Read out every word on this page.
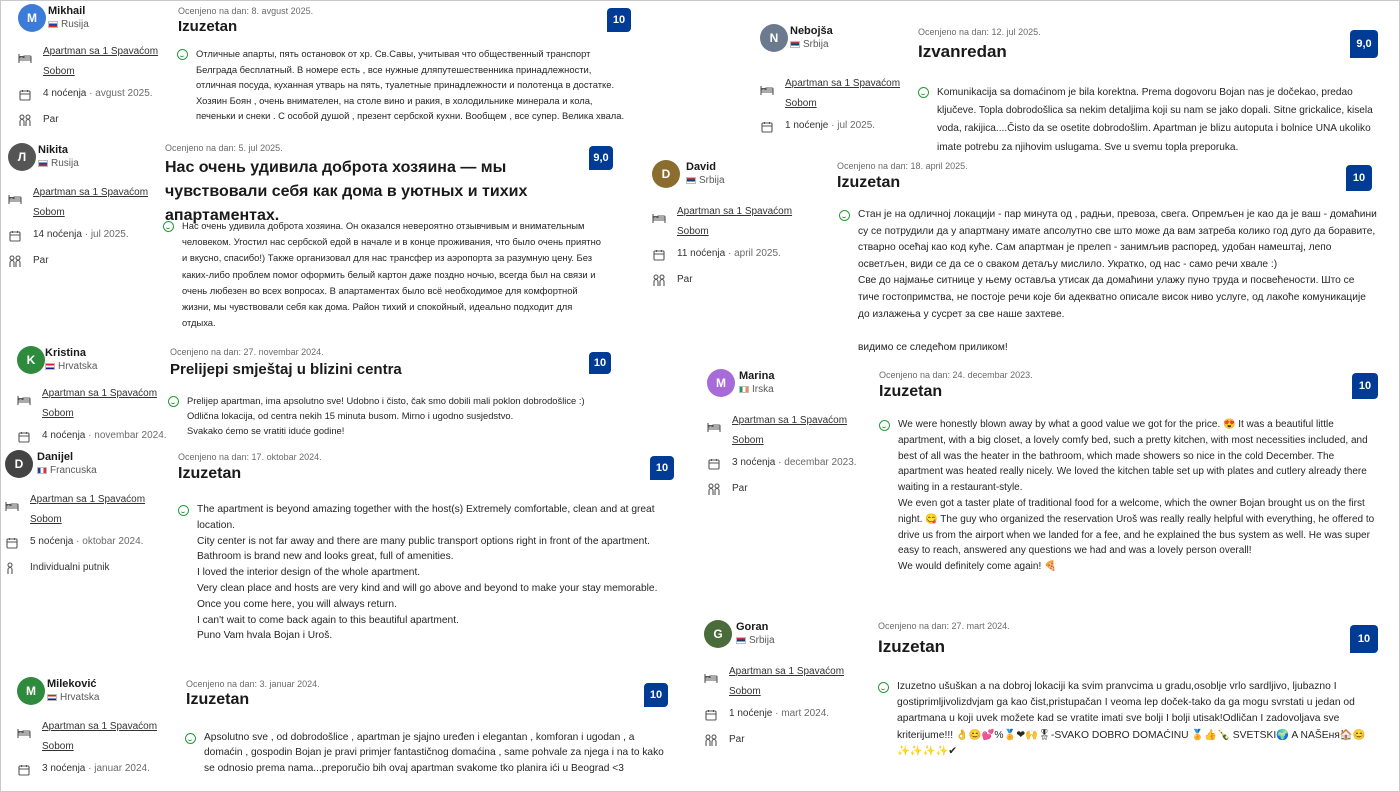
M	Mikhail
Rusija
Apartman sa 1 Spavaćom Sobom
4 noćenja · avgust 2025.
Par
Ocenjeno na dan: 8. avgust 2025.
Izuzetan	10
Отличные апарты, пять остановок от хр. Св.Савы, учитывая что общественный транспорт Белграда бесплатный. В номере есть , все нужные дляпутешественника принадлежности, отличная посуда, куханная утварь на пять, туалетные принадлежности и полотенца в достатке. Хозяин Боян , очень внимателен, на столе вино и ракия, в холодильнике минерала и кола, печеньки и снеки . С особой душой , презент сербской кухни. Вообщем , все супер. Велика хвала.
Л	Nikita
Rusija
Apartman sa 1 Spavaćom Sobom
14 noćenja · jul 2025.
Par
Ocenjeno na dan: 5. jul 2025.
Нас очень удивила доброта хозяина — мы чувствовали себя как дома в уютных и тихих апартаментах.
9,0
Нас очень удивила доброта хозяина. Он оказался невероятно отзывчивым и внимательным человеком. Угостил нас сербской едой в начале и в конце проживания, что было очень приятно и вкусно, спасибо!) Также организовал для нас трансфер из аэропорта за разумную цену. Без каких-либо проблем помог оформить белый картон даже поздно ночью, всегда был на связи и очень любезен во всех вопросах. В апартаментах было всё необходимое для комфортной жизни, мы чувствовали себя как дома. Район тихий и спокойный, идеально подходит для отдыха.
K Kristina
Hrvatska
Apartman sa 1 Spavaćom Sobom
4 noćenja · novembar 2024.
Ocenjeno na dan: 27. novembar 2024.
Prelijepi smještaj u blizini centra	10
Prelijep apartman, ima apsolutno sve! Udobno i čisto, čak smo dobili mali poklon dobrodošlice :)
Odlična lokacija, od centra nekih 15 minuta busom. Mirno i ugodno susjedstvo.
Svakako ćemo se vratiti iduće godine!
D	Danijel
Francuska
Apartman sa 1 Spavaćom Sobom
5 noćenja · oktobar 2024.
Individualni putnik
Ocenjeno na dan: 17. oktobar 2024.
Izuzetan	10
The apartment is beyond amazing together with the host(s) Extremely comfortable, clean and at great location.
City center is not far away and there are many public transport options right in front of the apartment.
Bathroom is brand new and looks great, full of amenities.
I loved the interior design of the whole apartment.
Very clean place and hosts are very kind and will go above and beyond to make your stay memorable.
Once you come here, you will always return.
I can't wait to come back again to this beautiful apartment.
Puno Vam hvala Bojan i Uroš.
M	Mileković
Hrvatska
Apartman sa 1 Spavaćom Sobom
3 noćenja · januar 2024.
Ocenjeno na dan: 3. januar 2024.
Izuzetan	10
Apsolutno sve , od dobrodošlice , apartman je sjajno uređen i elegantan , komforan i ugodan , a domaćin , gospodin Bojan je pravi primjer fantastičnog domaćina , same pohvale za njega i na to kako se odnosio prema nama...preporučio bih ovaj apartman svakome tko planira ići u Beograd <3
N	Nebojša
Srbija
Apartman sa 1 Spavaćom Sobom
1 noćenje · jul 2025.
Ocenjeno na dan: 12. jul 2025.
Izvanredan	9,0
Komunikacija sa domaćinom je bila korektna. Prema dogovoru Bojan nas je dočekao, predao ključeve. Topla dobrodošlica sa nekim detaljima koji su nam se jako dopali. Sitne grickalice, kisela voda, rakijica....Čisto da se osetite dobrodošlim. Apartman je blizu autoputa i bolnice UNA ukoliko imate potrebu za njihovim uslugama. Sve u svemu topla preporuka.
D	David
Srbija
Apartman sa 1 Spavaćom Sobom
11 noćenja · april 2025.
Par
Ocenjeno na dan: 18. april 2025.
Izuzetan	10
Стан је на одличној локацији - пар минута од , радњи, превоза, свега. Опремљен је као да је ваш - домаћини су се потрудили да у апартману имате апсолутно све што може да вам затреба колико год дуго да боравите, стварно осећај као код куће. Сам апартман је прелеп - занимљив распоред, удобан намештај, лепо осветљен, види се да се о сваком детаљу мислило. Укратко, од нас - само речи хвале :)
Све до најмање ситнице у њему оставља утисак да домаћини улажу пуно труда и посвећености. Што се тиче гостопримства, не постоје речи које би адекватно описале висок ниво услуге, од лакоће комуникације до излажења у сусрет за све наше захтеве.

видимо се следећом приликом!
M	Marina
Irska
Apartman sa 1 Spavaćom Sobom
3 noćenja · decembar 2023.
Par
Ocenjeno na dan: 24. decembar 2023.
Izuzetan	10
We were honestly blown away by what a good value we got for the price. 😍 It was a beautiful little apartment, with a big closet, a lovely comfy bed, such a pretty kitchen, with most necessities included, and best of all was the heater in the bathroom, which made showers so nice in the cold December. The apartment was heated really nicely. We loved the kitchen table set up with plates and cutlery already there waiting in a restaurant-style.
We even got a taster plate of traditional food for a welcome, which the owner Bojan brought us on the first night. 😋 The guy who organized the reservation Uroš was really really helpful with everything, he offered to drive us from the airport when we landed for a fee, and he explained the bus system as well. He was super easy to reach, answered any questions we had and was a lovely person overall!
We would definitely come again! 🍕
G	Goran
Srbija
Apartman sa 1 Spavaćom Sobom
1 noćenje · mart 2024.
Par
Ocenjeno na dan: 27. mart 2024.
Izuzetan	10
Izuzetno ušuškan a na dobroj lokaciji ka svim pranvcima u gradu,osoblje vrlo sardljivo, ljubazno I gostiprimljivolizdvjam ga kao čist,pristupačan I veoma lep doček-tako da ga mogu svrstati u jedan od apartmana u koji uvek možete kad se vratite imati sve bolji I bolji utisak!Odličan I zadovoljava sve kriterijume!!! 👌😊💕%🏅❤🙌🎖-SVAKO DOBRO DOMAĆINU 🏅👍🍾 SVETSKI🌍 A NAŠEня🏠😊✨✨✨✨✔
